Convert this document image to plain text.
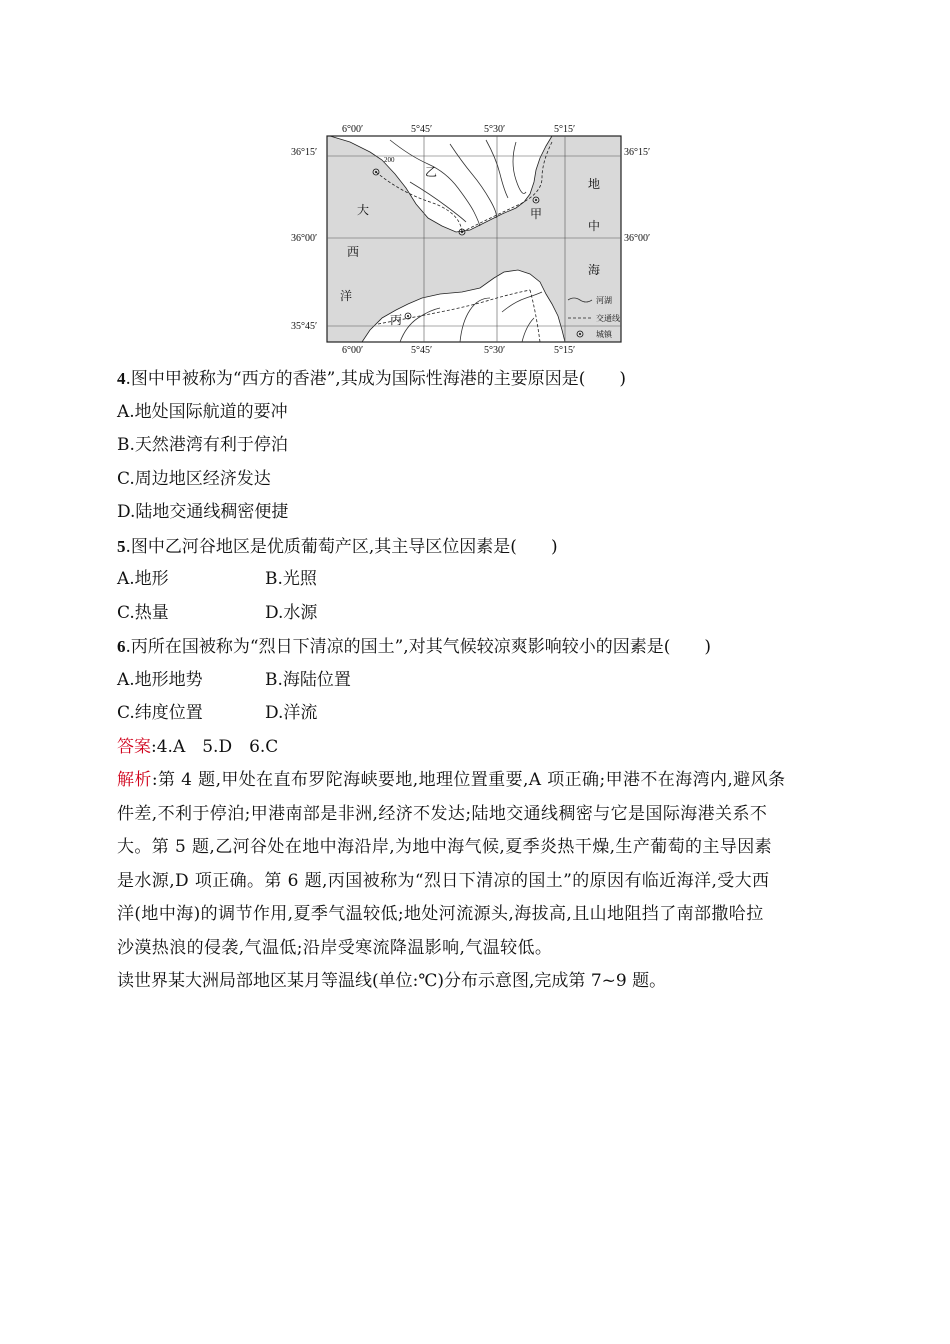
200
乙
甲
丙
大
西
洋
地
中
海
河湖
交通线
城镇
6°00′	5°45′	5°30′	5°15′
6°00′	5°45′	5°30′	5°15′
36°15′
36°00′
35°45′
36°15′
36°00′
4.图中甲被称为“西方的香港”,其成为国际性海港的主要原因是(　　)
A.地处国际航道的要冲
B.天然港湾有利于停泊
C.周边地区经济发达
D.陆地交通线稠密便捷
5.图中乙河谷地区是优质葡萄产区,其主导区位因素是(　　)
A.地形	B.光照
C.热量	D.水源
6.丙所在国被称为“烈日下清凉的国土”,对其气候较凉爽影响较小的因素是(　　)
A.地形地势	B.海陆位置
C.纬度位置	D.洋流
答案:4.A　5.D　6.C
解析:第 4 题,甲处在直布罗陀海峡要地,地理位置重要,A 项正确;甲港不在海湾内,避风条
件差,不利于停泊;甲港南部是非洲,经济不发达;陆地交通线稠密与它是国际海港关系不
大。第 5 题,乙河谷处在地中海沿岸,为地中海气候,夏季炎热干燥,生产葡萄的主导因素
是水源,D 项正确。第 6 题,丙国被称为“烈日下清凉的国土”的原因有临近海洋,受大西
洋(地中海)的调节作用,夏季气温较低;地处河流源头,海拔高,且山地阻挡了南部撒哈拉
沙漠热浪的侵袭,气温低;沿岸受寒流降温影响,气温较低。
读世界某大洲局部地区某月等温线(单位:℃)分布示意图,完成第 7~9 题。
